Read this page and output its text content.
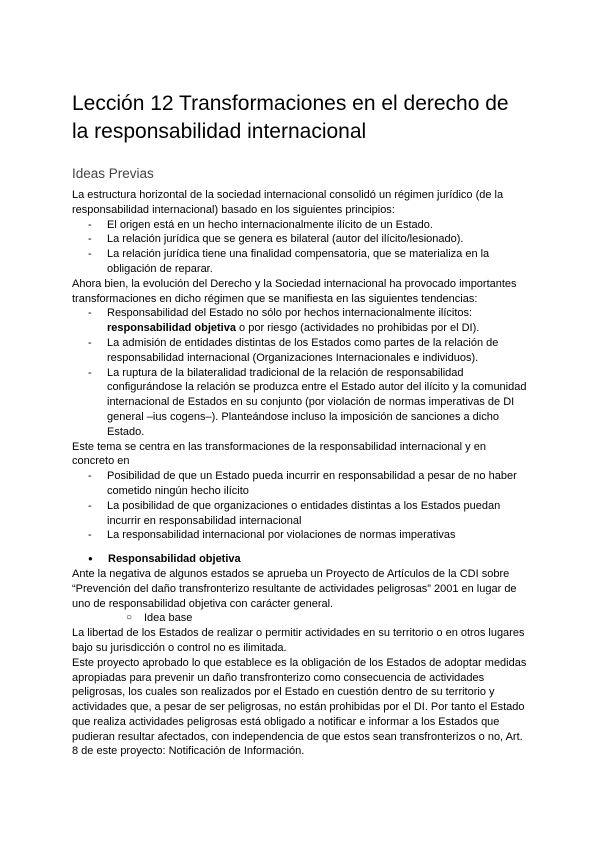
Lección 12 Transformaciones en el derecho de la responsabilidad internacional
Ideas Previas

La estructura horizontal de la sociedad internacional consolidó un régimen jurídico (de la responsabilidad internacional) basado en los siguientes principios:

- El origen está en un hecho internacionalmente ilícito de un Estado.
- La relación jurídica que se genera es bilateral (autor del ilícito/lesionado).
- La relación jurídica tiene una finalidad compensatoria, que se materializa en la obligación de reparar.

Ahora bien, la evolución del Derecho y la Sociedad internacional ha provocado importantes transformaciones en dicho régimen que se manifiesta en las siguientes tendencias:

- Responsabilidad del Estado no sólo por hechos internacionalmente ilícitos: responsabilidad objetiva o por riesgo (actividades no prohibidas por el DI).
- La admisión de entidades distintas de los Estados como partes de la relación de responsabilidad internacional (Organizaciones Internacionales e individuos).
- La ruptura de la bilateralidad tradicional de la relación de responsabilidad configurándose la relación se produzca entre el Estado autor del ilícito y la comunidad internacional de Estados en su conjunto (por violación de normas imperativas de DI general –ius cogens–). Planteándose incluso la imposición de sanciones a dicho Estado.

Este tema se centra en las transformaciones de la responsabilidad internacional y en concreto en

- Posibilidad de que un Estado pueda incurrir en responsabilidad a pesar de no haber cometido ningún hecho ilícito
- La posibilidad de que organizaciones o entidades distintas a los Estados puedan incurrir en responsabilidad internacional
- La responsabilidad internacional por violaciones de normas imperativas
● Responsabilidad objetiva

Ante la negativa de algunos estados se aprueba un Proyecto de Artículos de la CDI sobre “Prevención del daño transfronterizo resultante de actividades peligrosas” 2001 en lugar de uno de responsabilidad objetiva con carácter general.

○ Idea base

La libertad de los Estados de realizar o permitir actividades en su territorio o en otros lugares bajo su jurisdicción o control no es ilimitada.

Este proyecto aprobado lo que establece es la obligación de los Estados de adoptar medidas apropiadas para prevenir un daño transfronterizo como consecuencia de actividades peligrosas, los cuales son realizados por el Estado en cuestión dentro de su territorio y actividades que, a pesar de ser peligrosas, no están prohibidas por el DI. Por tanto el Estado que realiza actividades peligrosas está obligado a notificar e informar a los Estados que pudieran resultar afectados, con independencia de que estos sean transfronterizos o no, Art. 8 de este proyecto: Notificación de Información.
